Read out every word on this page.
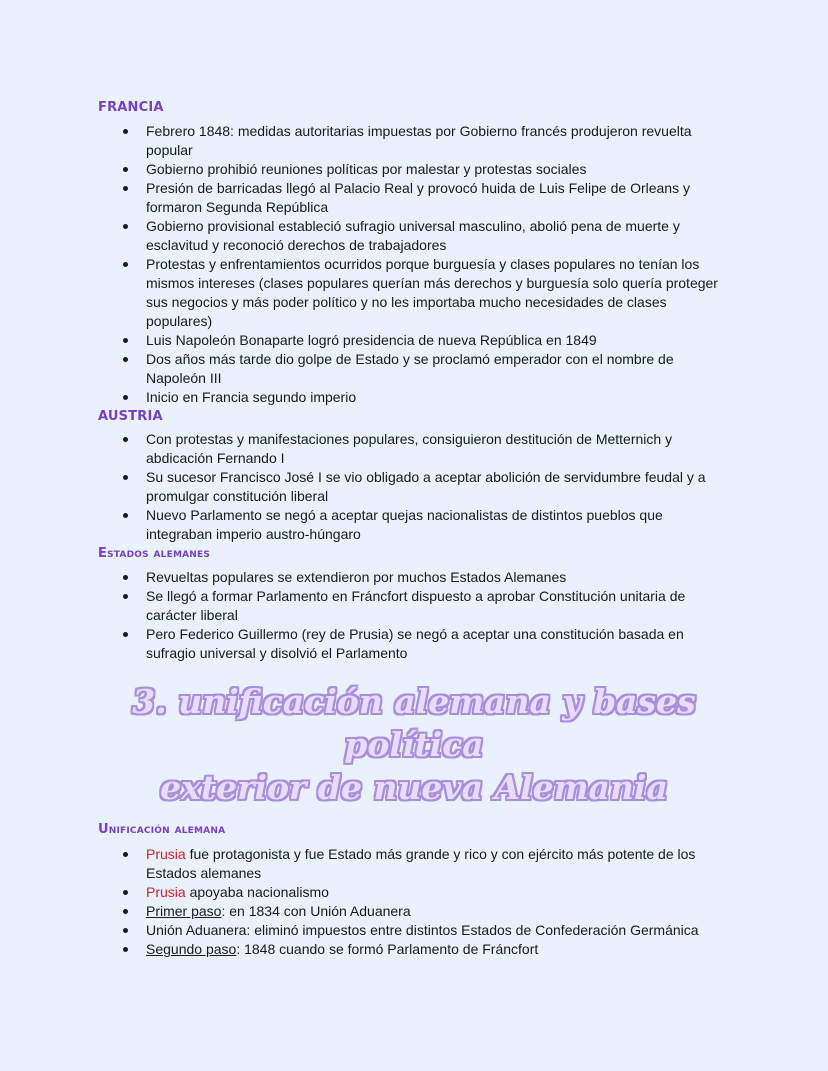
FRANCIA
Febrero 1848: medidas autoritarias impuestas por Gobierno francés produjeron revuelta popular
Gobierno prohibió reuniones políticas por malestar y protestas sociales
Presión de barricadas llegó al Palacio Real y provocó huida de Luis Felipe de Orleans y formaron Segunda República
Gobierno provisional estableció sufragio universal masculino, abolió pena de muerte y esclavitud y reconoció derechos de trabajadores
Protestas y enfrentamientos ocurridos porque burguesía y clases populares no tenían los mismos intereses (clases populares querían más derechos y burguesía solo quería proteger sus negocios y más poder político y no les importaba mucho necesidades de clases populares)
Luis Napoleón Bonaparte logró presidencia de nueva República en 1849
Dos años más tarde dio golpe de Estado y se proclamó emperador con el nombre de Napoleón III
Inicio en Francia segundo imperio
AUSTRIA
Con protestas y manifestaciones populares, consiguieron destitución de Metternich y abdicación Fernando I
Su sucesor Francisco José I se vio obligado a aceptar abolición de servidumbre feudal y a promulgar constitución liberal
Nuevo Parlamento se negó a aceptar quejas nacionalistas de distintos pueblos que integraban imperio austro-húngaro
Estados alemanes
Revueltas populares se extendieron por muchos Estados Alemanes
Se llegó a formar Parlamento en Fráncfort dispuesto a aprobar Constitución unitaria de carácter liberal
Pero Federico Guillermo (rey de Prusia) se negó a aceptar una constitución basada en sufragio universal y disolvió el Parlamento
3. unificación alemana y bases política
exterior de nueva Alemania
Unificación alemana
Prusia fue protagonista y fue Estado más grande y rico y con ejército más potente de los Estados alemanes
Prusia apoyaba nacionalismo
Primer paso: en 1834 con Unión Aduanera
Unión Aduanera: eliminó impuestos entre distintos Estados de Confederación Germánica
Segundo paso: 1848 cuando se formó Parlamento de Fráncfort
